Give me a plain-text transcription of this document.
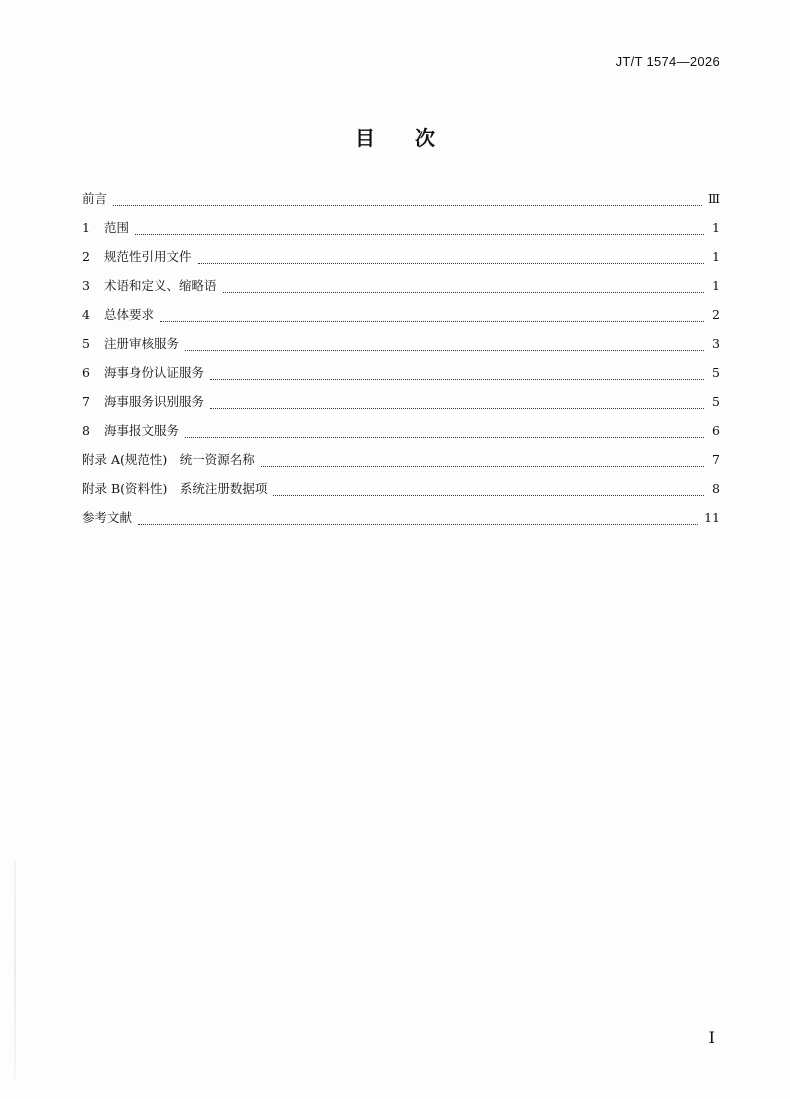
JT/T 1574—2026
目次
前言	Ⅲ
1	范围	1
2	规范性引用文件	1
3	术语和定义、缩略语	1
4	总体要求	2
5	注册审核服务	3
6	海事身份认证服务	5
7	海事服务识别服务	5
8	海事报文服务	6
附录 A(规范性)　统一资源名称	7
附录 B(资料性)　系统注册数据项	8
参考文献	11
I
